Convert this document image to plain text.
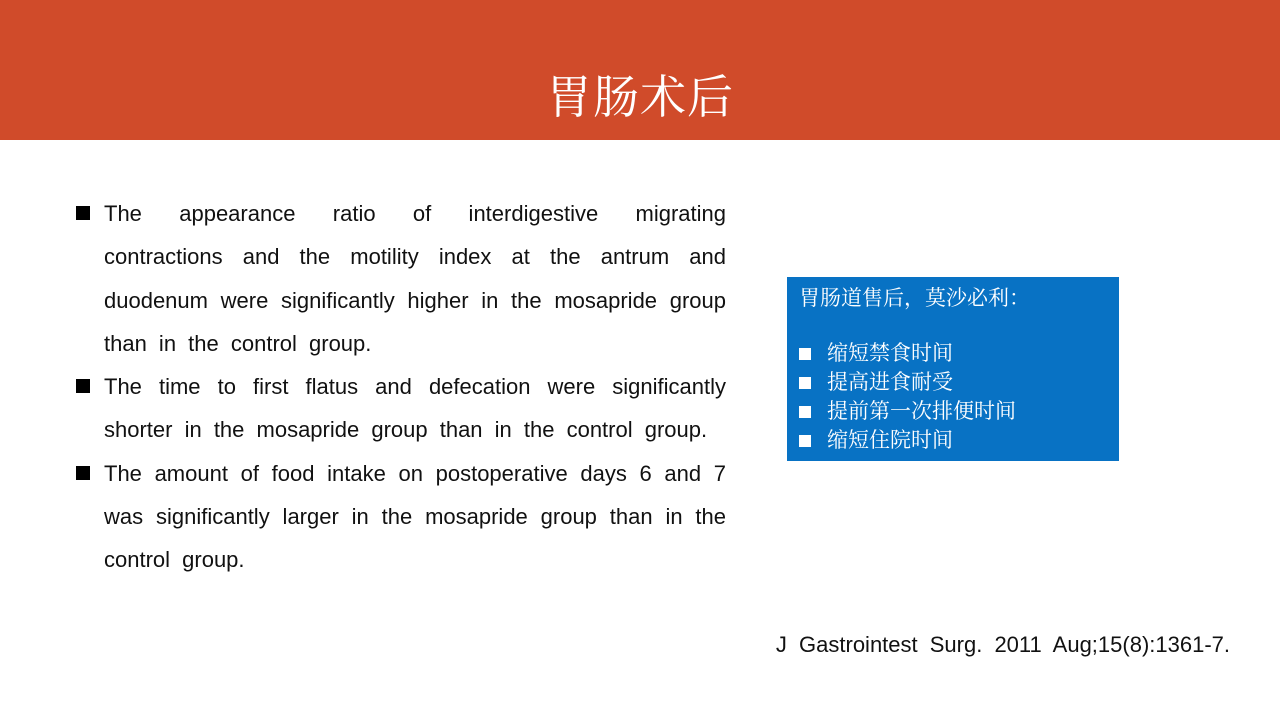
胃肠术后
The appearance ratio of interdigestive migrating contractions and the motility index at the antrum and duodenum were significantly higher in the mosapride group than in the control group.
The time to first flatus and defecation were significantly shorter in the mosapride group than in the control group.
The amount of food intake on postoperative days 6 and 7 was significantly larger in the mosapride group than in the control group.
胃肠道售后，莫沙必利：
缩短禁食时间
提高进食耐受
提前第一次排便时间
缩短住院时间
J Gastrointest Surg. 2011 Aug;15(8):1361-7.
